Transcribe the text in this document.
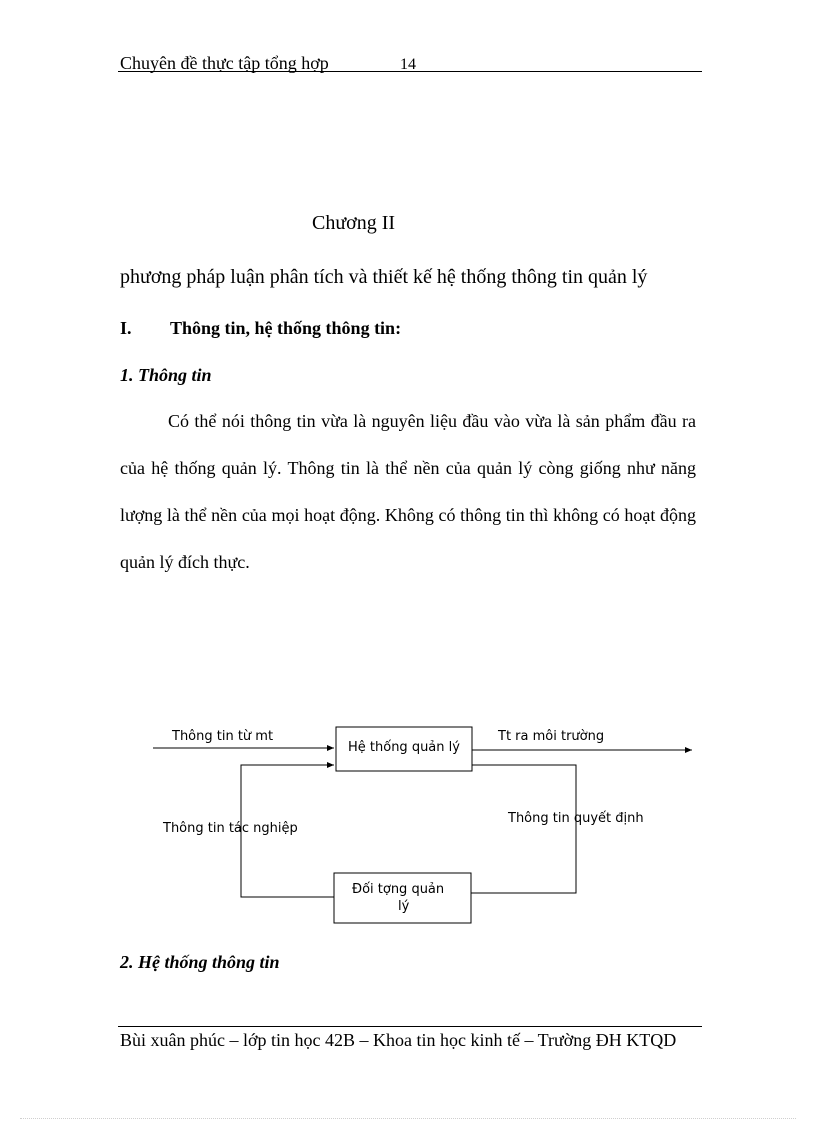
Chuyên đề thực tập tổng hợp	14
Chương II
phương pháp luận phân tích và thiết kế hệ thống thông tin quản lý
I. Thông tin, hệ thống thông tin:
1. Thông tin

Có thể nói thông tin vừa là nguyên liệu đầu vào vừa là sản phẩm đầu ra của hệ thống quản lý. Thông tin là thể nền của quản lý còng giống như năng lượng là thể nền của mọi hoạt động. Không có thông tin thì không có hoạt động quản lý đích thực.

Thông tin từ mt	Tt ra môi trường
Thông tin tác nghiệp
Thông tin quyết định
Hệ thống quản lý
Đối tợng quản
lý
2. Hệ thống thông tin

Bùi xuân phúc – lớp tin học 42B – Khoa tin học kinh tế – Trường ĐH KTQD
